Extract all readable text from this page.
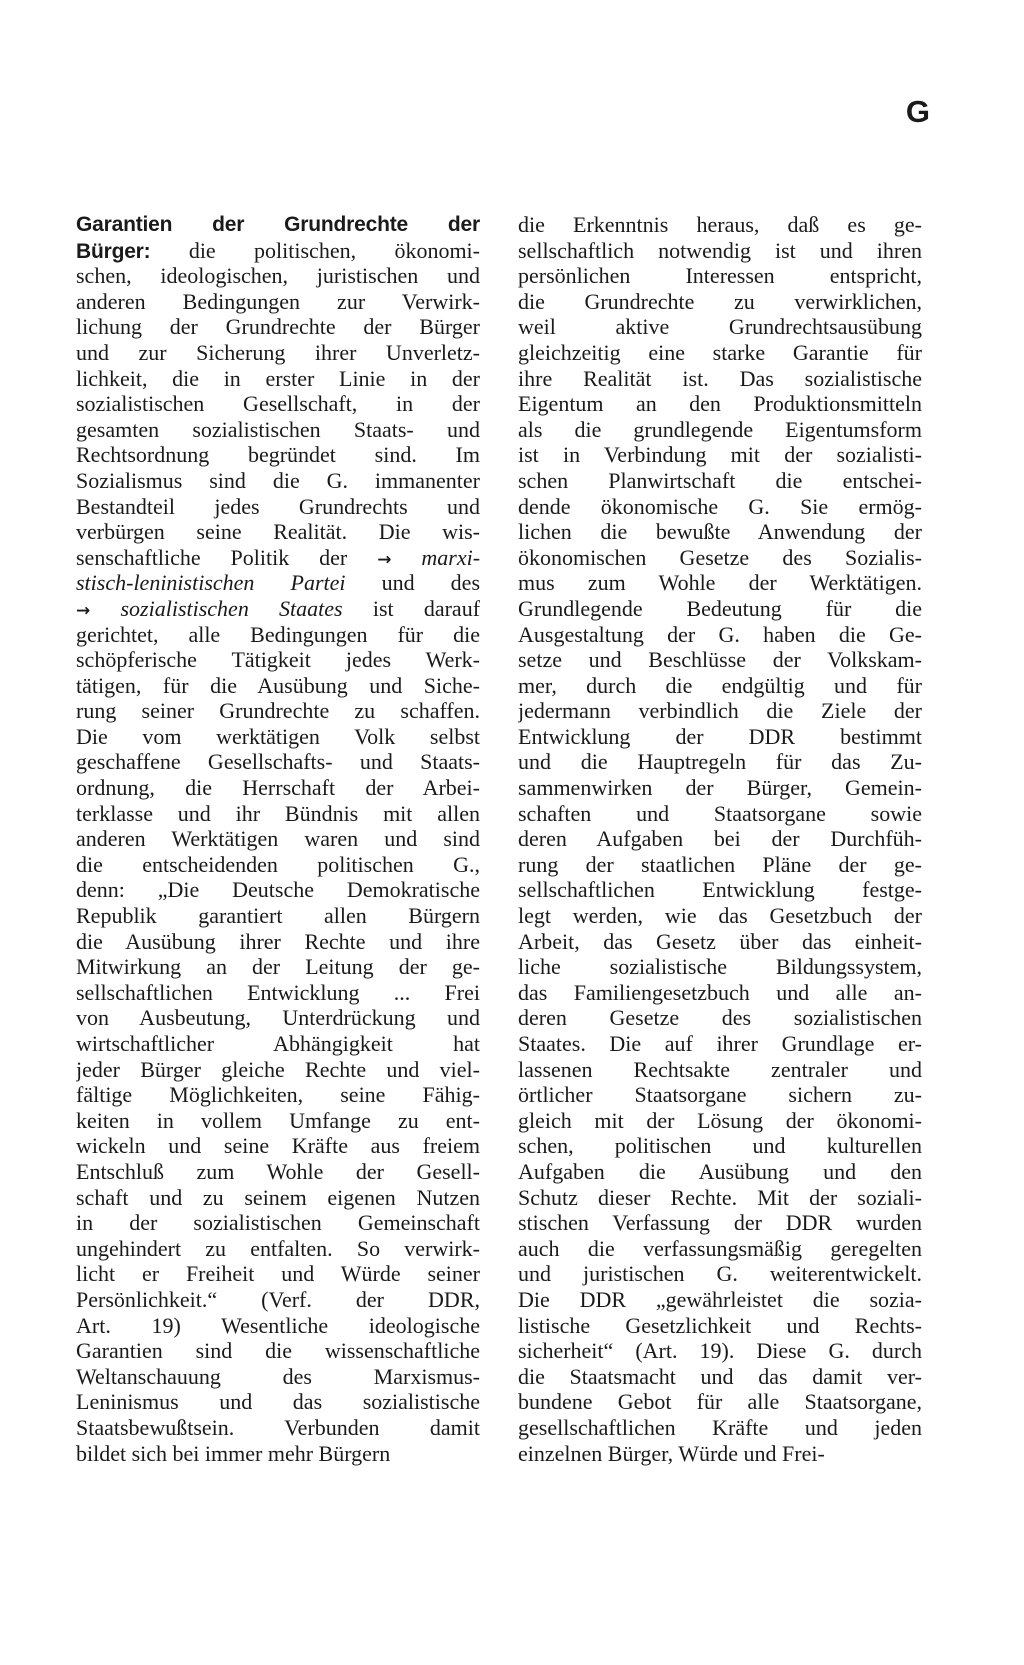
G
Garantien der Grundrechte der
Bürger: die politischen, ökonomi-
schen, ideologischen, juristischen und
anderen Bedingungen zur Verwirk-
lichung der Grundrechte der Bürger
und zur Sicherung ihrer Unverletz-
lichkeit, die in erster Linie in der
sozialistischen Gesellschaft, in der
gesamten sozialistischen Staats- und
Rechtsordnung begründet sind. Im
Sozialismus sind die G. immanenter
Bestandteil jedes Grundrechts und
verbürgen seine Realität. Die wis-
senschaftliche Politik der → marxi-
stisch-leninistischen Partei und des
→ sozialistischen Staates ist darauf
gerichtet, alle Bedingungen für die
schöpferische Tätigkeit jedes Werk-
tätigen, für die Ausübung und Siche-
rung seiner Grundrechte zu schaffen.
Die vom werktätigen Volk selbst
geschaffene Gesellschafts- und Staats-
ordnung, die Herrschaft der Arbei-
terklasse und ihr Bündnis mit allen
anderen Werktätigen waren und sind
die entscheidenden politischen G.,
denn: „Die Deutsche Demokratische
Republik garantiert allen Bürgern
die Ausübung ihrer Rechte und ihre
Mitwirkung an der Leitung der ge-
sellschaftlichen Entwicklung ... Frei
von Ausbeutung, Unterdrückung und
wirtschaftlicher Abhängigkeit hat
jeder Bürger gleiche Rechte und viel-
fältige Möglichkeiten, seine Fähig-
keiten in vollem Umfange zu ent-
wickeln und seine Kräfte aus freiem
Entschluß zum Wohle der Gesell-
schaft und zu seinem eigenen Nutzen
in der sozialistischen Gemeinschaft
ungehindert zu entfalten. So verwirk-
licht er Freiheit und Würde seiner
Persönlichkeit.“ (Verf. der DDR,
Art. 19) Wesentliche ideologische
Garantien sind die wissenschaftliche
Weltanschauung des Marxismus-
Leninismus und das sozialistische
Staatsbewußtsein. Verbunden damit
bildet sich bei immer mehr Bürgern
die Erkenntnis heraus, daß es ge-
sellschaftlich notwendig ist und ihren
persönlichen Interessen entspricht,
die Grundrechte zu verwirklichen,
weil aktive Grundrechtsausübung
gleichzeitig eine starke Garantie für
ihre Realität ist. Das sozialistische
Eigentum an den Produktionsmitteln
als die grundlegende Eigentumsform
ist in Verbindung mit der sozialisti-
schen Planwirtschaft die entschei-
dende ökonomische G. Sie ermög-
lichen die bewußte Anwendung der
ökonomischen Gesetze des Sozialis-
mus zum Wohle der Werktätigen.
Grundlegende Bedeutung für die
Ausgestaltung der G. haben die Ge-
setze und Beschlüsse der Volkskam-
mer, durch die endgültig und für
jedermann verbindlich die Ziele der
Entwicklung der DDR bestimmt
und die Hauptregeln für das Zu-
sammenwirken der Bürger, Gemein-
schaften und Staatsorgane sowie
deren Aufgaben bei der Durchfüh-
rung der staatlichen Pläne der ge-
sellschaftlichen Entwicklung festge-
legt werden, wie das Gesetzbuch der
Arbeit, das Gesetz über das einheit-
liche sozialistische Bildungssystem,
das Familiengesetzbuch und alle an-
deren Gesetze des sozialistischen
Staates. Die auf ihrer Grundlage er-
lassenen Rechtsakte zentraler und
örtlicher Staatsorgane sichern zu-
gleich mit der Lösung der ökonomi-
schen, politischen und kulturellen
Aufgaben die Ausübung und den
Schutz dieser Rechte. Mit der soziali-
stischen Verfassung der DDR wurden
auch die verfassungsmäßig geregelten
und juristischen G. weiterentwickelt.
Die DDR „gewährleistet die sozia-
listische Gesetzlichkeit und Rechts-
sicherheit“ (Art. 19). Diese G. durch
die Staatsmacht und das damit ver-
bundene Gebot für alle Staatsorgane,
gesellschaftlichen Kräfte und jeden
einzelnen Bürger, Würde und Frei-
